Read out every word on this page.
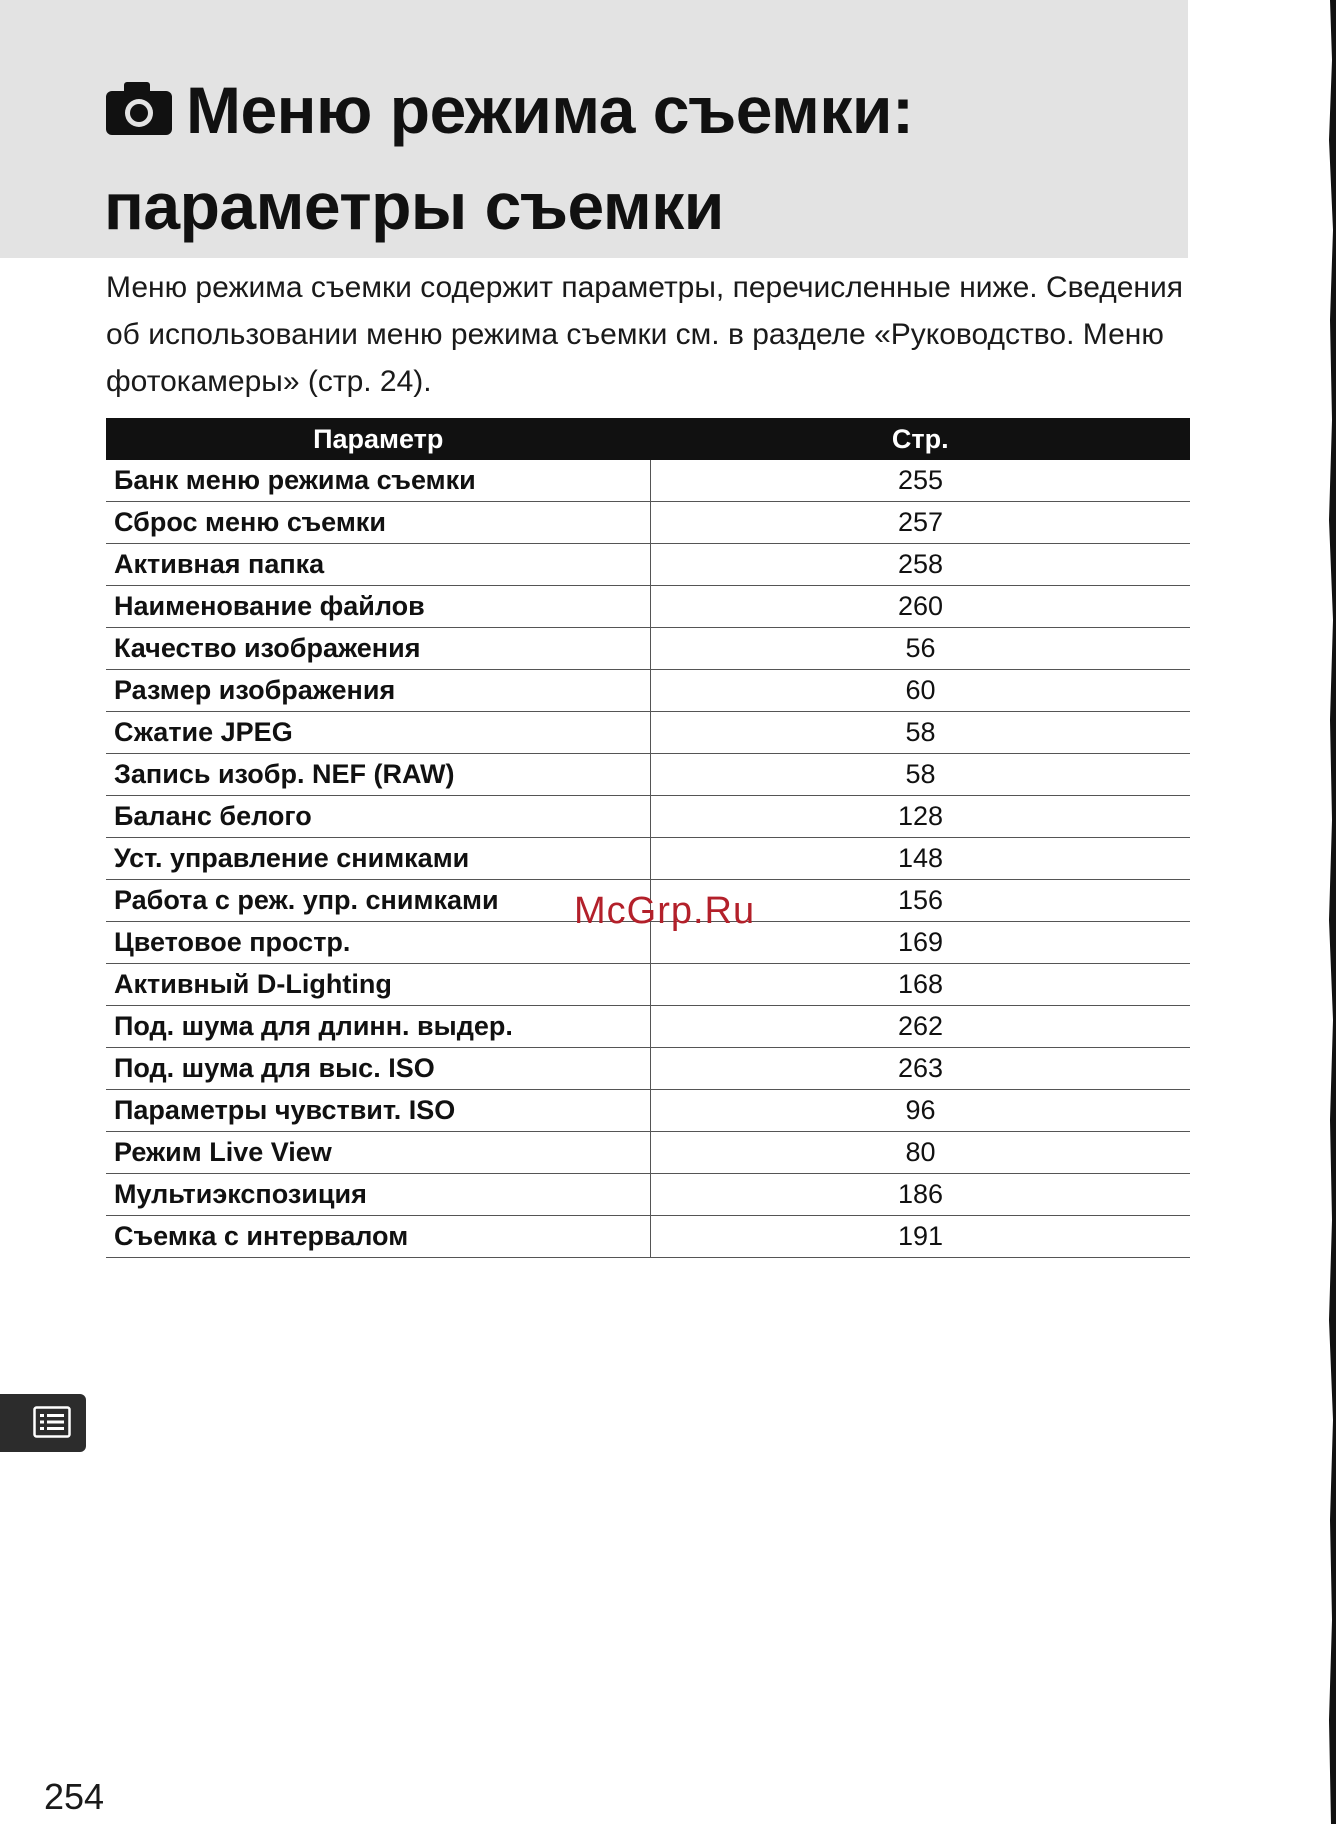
Меню режима съемки:
параметры съемки

Меню режима съемки содержит параметры, перечисленные ниже. Сведения об использовании меню режима съемки см. в разделе «Руководство. Меню фотокамеры» (стр. 24).

Параметр	Стр.
Банк меню режима съемки	255
Сброс меню съемки	257
Активная папка	258
Наименование файлов	260
Качество изображения	56
Размер изображения	60
Сжатие JPEG	58
Запись изобр. NEF (RAW)	58
Баланс белого	128
Уст. управление снимками	148
Работа с реж. упр. снимками	156
Цветовое простр.	169
Активный D-Lighting	168
Под. шума для длинн. выдер.	262
Под. шума для выс. ISO	263
Параметры чувствит. ISO	96
Режим Live View	80
Мультиэкспозиция	186
Съемка с интервалом	191
McGrp.Ru
254
